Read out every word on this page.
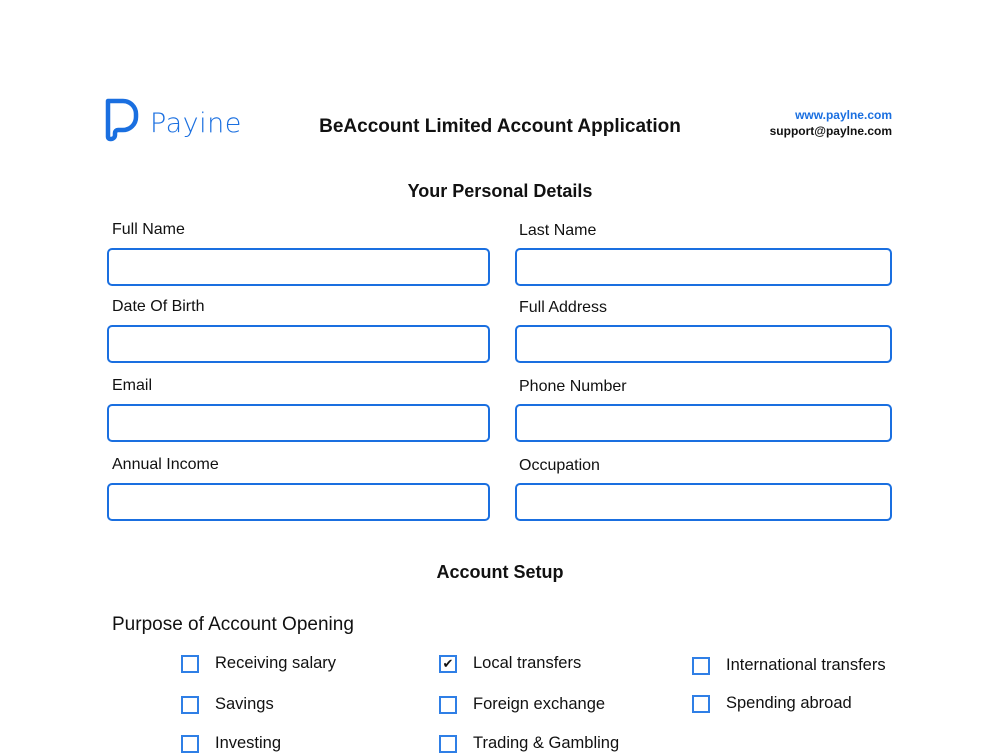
Payine	BeAccount Limited Account Application
www.paylne.com
support@paylne.com
Your Personal Details
Full Name	Last Name
Date Of Birth	Full Address
Email	Phone Number
Annual Income	Occupation
Account Setup
Purpose of Account Opening
Receiving salary	✔ Local transfers	International transfers
Savings	Foreign exchange	Spending abroad
Investing	Trading & Gambling
